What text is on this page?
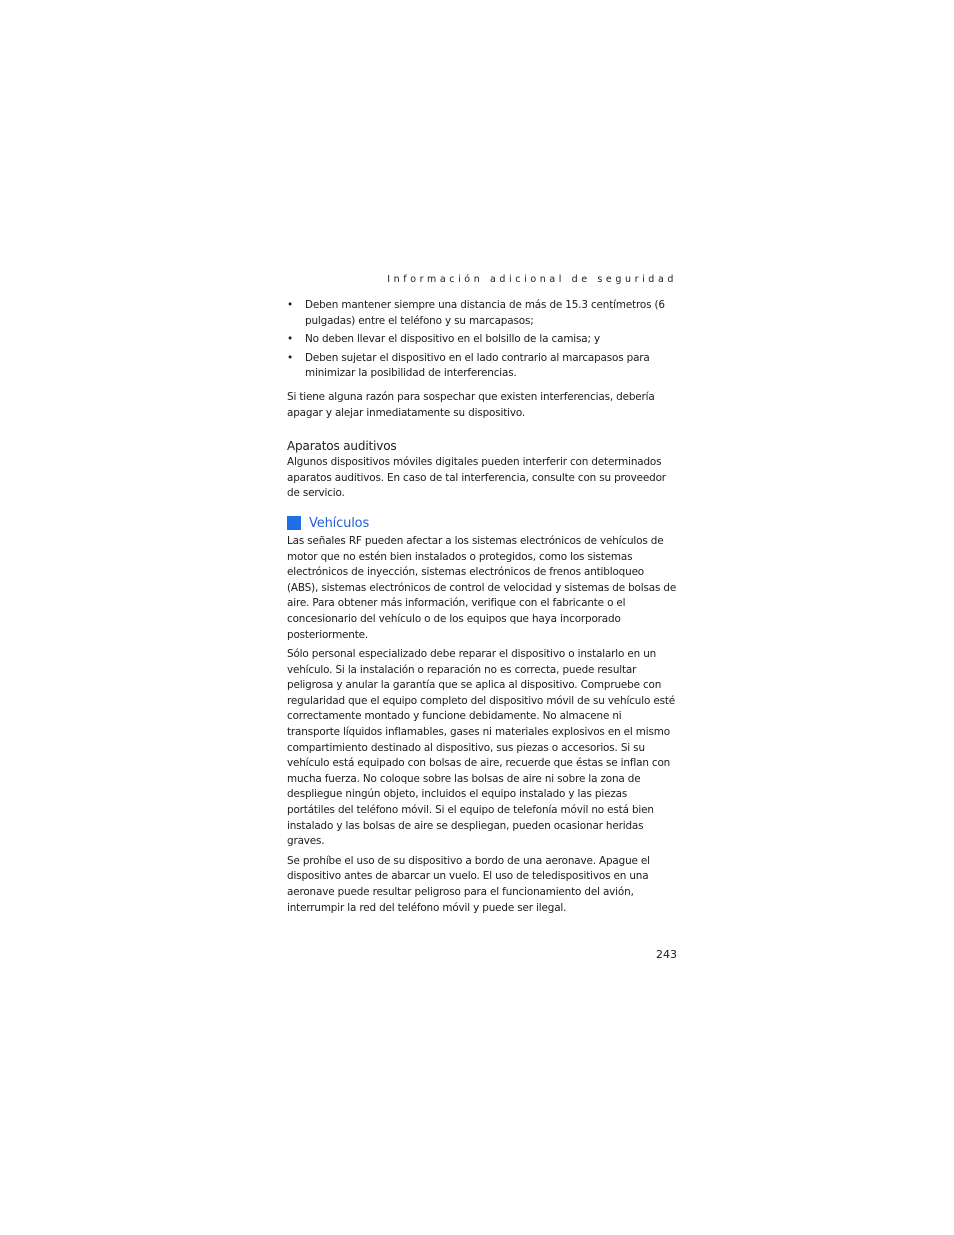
Información adicional de seguridad
• Deben mantener siempre una distancia de más de 15.3 centímetros (6 pulgadas) entre el teléfono y su marcapasos;
• No deben llevar el dispositivo en el bolsillo de la camisa; y
• Deben sujetar el dispositivo en el lado contrario al marcapasos para minimizar la posibilidad de interferencias.

Si tiene alguna razón para sospechar que existen interferencias, debería apagar y alejar inmediatamente su dispositivo.

Aparatos auditivos

Algunos dispositivos móviles digitales pueden interferir con determinados aparatos auditivos. En caso de tal interferencia, consulte con su proveedor de servicio.

Vehículos

Las señales RF pueden afectar a los sistemas electrónicos de vehículos de motor que no estén bien instalados o protegidos, como los sistemas electrónicos de inyección, sistemas electrónicos de frenos antibloqueo (ABS), sistemas electrónicos de control de velocidad y sistemas de bolsas de aire. Para obtener más información, verifique con el fabricante o el concesionario del vehículo o de los equipos que haya incorporado posteriormente.

Sólo personal especializado debe reparar el dispositivo o instalarlo en un vehículo. Si la instalación o reparación no es correcta, puede resultar peligrosa y anular la garantía que se aplica al dispositivo. Compruebe con regularidad que el equipo completo del dispositivo móvil de su vehículo esté correctamente montado y funcione debidamente. No almacene ni transporte líquidos inflamables, gases ni materiales explosivos en el mismo compartimiento destinado al dispositivo, sus piezas o accesorios. Si su vehículo está equipado con bolsas de aire, recuerde que éstas se inflan con mucha fuerza. No coloque sobre las bolsas de aire ni sobre la zona de despliegue ningún objeto, incluidos el equipo instalado y las piezas portátiles del teléfono móvil. Si el equipo de telefonía móvil no está bien instalado y las bolsas de aire se despliegan, pueden ocasionar heridas graves.

Se prohíbe el uso de su dispositivo a bordo de una aeronave. Apague el dispositivo antes de abarcar un vuelo. El uso de teledispositivos en una aeronave puede resultar peligroso para el funcionamiento del avión, interrumpir la red del teléfono móvil y puede ser ilegal.

243
